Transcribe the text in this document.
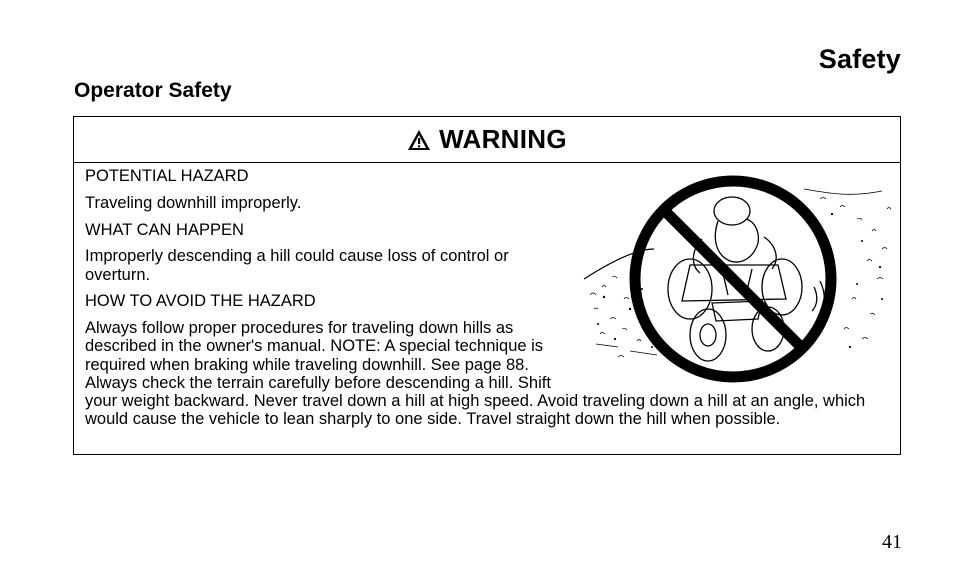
Safety
Operator Safety
WARNING

POTENTIAL HAZARD

Traveling downhill improperly.

WHAT CAN HAPPEN

Improperly descending a hill could cause loss of control or overturn.

HOW TO AVOID THE HAZARD

Always follow proper procedures for traveling down hills as described in the owner's manual. NOTE: A special technique is required when braking while traveling downhill. See page 88. Always check the terrain carefully before descending a hill. Shift your weight backward. Never travel down a hill at high speed. Avoid traveling down a hill at an angle, which would cause the vehicle to lean sharply to one side. Travel straight down the hill when possible.

41
